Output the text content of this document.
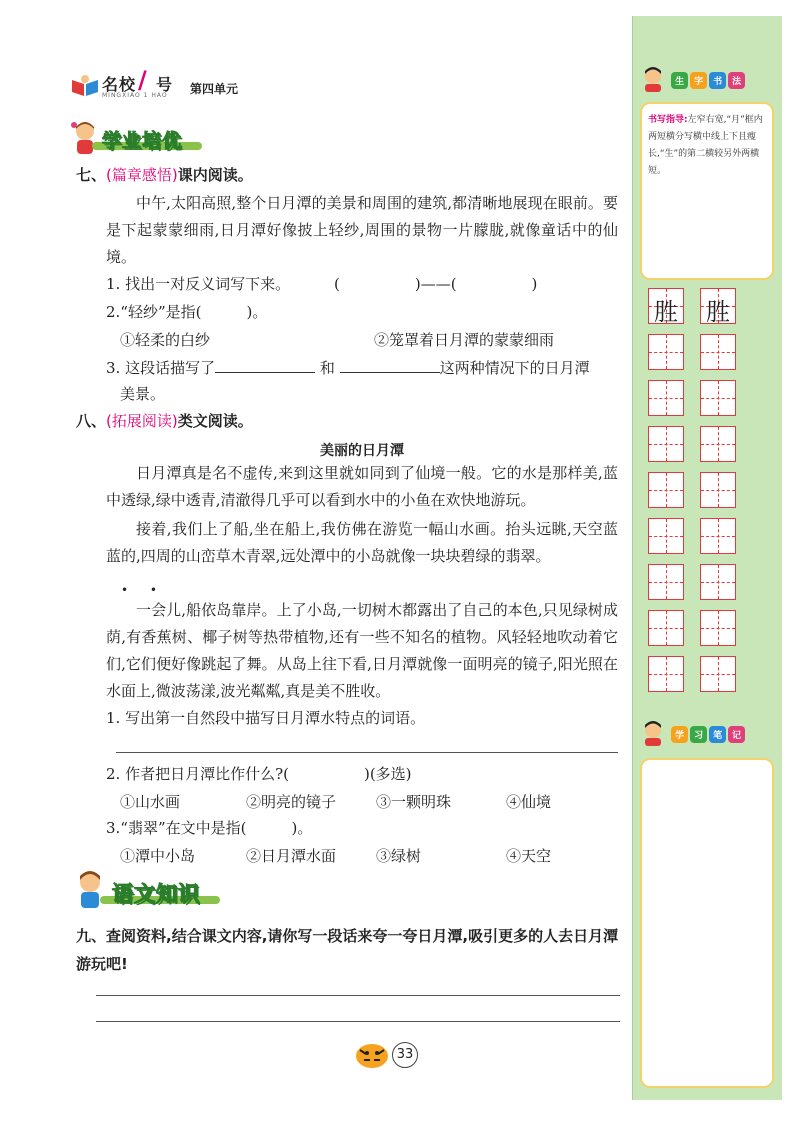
名校 / 号
MINGXIAO 1 HAO 第四单元
学业培优
七、(篇章感悟)课内阅读。

中午,太阳高照,整个日月潭的美景和周围的建筑,都清晰地展现在眼前。要是下起蒙蒙细雨,日月潭好像披上轻纱,周围的景物一片朦胧,就像童话中的仙境。

1. 找出一对反义词写下来。	(　　　　　)——(　　　　　)
2.“轻纱”是指(　　　)。
①轻柔的白纱	②笼罩着日月潭的蒙蒙细雨
3. 这段话描写了	和	这两种情况下的日月潭
美景。
八、(拓展阅读)类文阅读。
美丽的日月潭

日月潭真是名不虚传,来到这里就如同到了仙境一般。它的水是那样美,蓝中透绿,绿中透青,清澈得几乎可以看到水中的小鱼在欢快地游玩。

接着,我们上了船,坐在船上,我仿佛在游览一幅山水画。抬头远眺,天空蓝蓝的,四周的山峦草木青翠,远处潭中的小岛就像一块块碧绿的翡翠。

• •

一会儿,船依岛靠岸。上了小岛,一切树木都露出了自己的本色,只见绿树成荫,有香蕉树、椰子树等热带植物,还有一些不知名的植物。风轻轻地吹动着它们,它们便好像跳起了舞。从岛上往下看,日月潭就像一面明亮的镜子,阳光照在水面上,微波荡漾,波光粼粼,真是美不胜收。

1. 写出第一自然段中描写日月潭水特点的词语。
2. 作者把日月潭比作什么?(　　　　　)(多选)
①山水画	②明亮的镜子	③一颗明珠	④仙境
3.“翡翠”在文中是指(　　　)。
①潭中小岛	②日月潭水面	③绿树	④天空
语文知识

九、查阅资料,结合课文内容,请你写一段话来夸一夸日月潭,吸引更多的人去日月潭游玩吧!

33
生 字 书 法
书写指导:左窄右宽,“月”框内两短横分写横中线上下且瘦长,“生”的第二横较另外两横短。
胜 胜
学 习 笔 记
